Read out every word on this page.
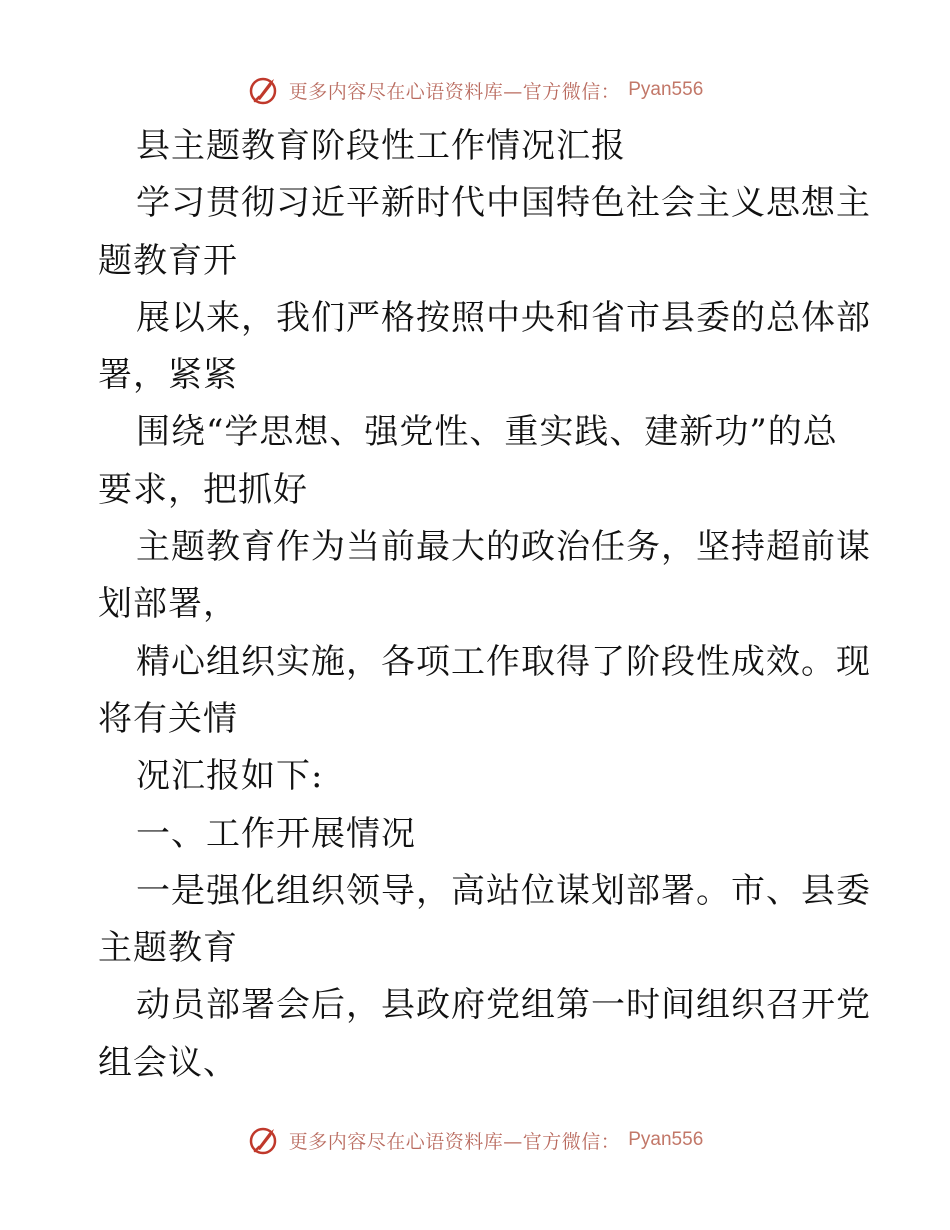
更多内容尽在心语资料库—官方微信： Pyan556
县主题教育阶段性工作情况汇报
学习贯彻习近平新时代中国特色社会主义思想主
题教育开
展以来，我们严格按照中央和省市县委的总体部
署，紧紧
围绕“学思想、强党性、重实践、建新功”的总
要求，把抓好
主题教育作为当前最大的政治任务，坚持超前谋
划部署，
精心组织实施，各项工作取得了阶段性成效。现
将有关情
况汇报如下:
一、工作开展情况
一是强化组织领导，高站位谋划部署。市、县委
主题教育
动员部署会后，县政府党组第一时间组织召开党
组会议、
更多内容尽在心语资料库—官方微信： Pyan556
